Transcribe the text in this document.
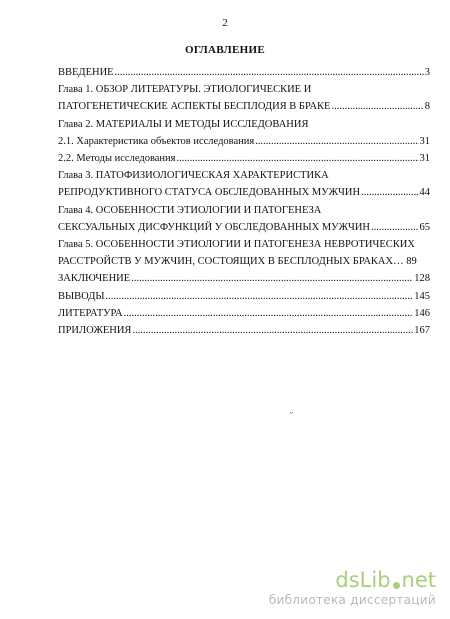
2
ОГЛАВЛЕНИЕ
ВВЕДЕНИЕ .....	3
Глава 1. ОБЗОР ЛИТЕРАТУРЫ. ЭТИОЛОГИЧЕСКИЕ И
ПАТОГЕНЕТИЧЕСКИЕ АСПЕКТЫ БЕСПЛОДИЯ В БРАКЕ .....	8
Глава 2. МАТЕРИАЛЫ И МЕТОДЫ ИССЛЕДОВАНИЯ
2.1. Характеристика объектов исследования .....	31
2.2. Методы исследования .....	31
Глава 3. ПАТОФИЗИОЛОГИЧЕСКАЯ ХАРАКТЕРИСТИКА
РЕПРОДУКТИВНОГО СТАТУСА ОБСЛЕДОВАННЫХ МУЖЧИН .....	44
Глава 4. ОСОБЕННОСТИ ЭТИОЛОГИИ И ПАТОГЕНЕЗА
СЕКСУАЛЬНЫХ ДИСФУНКЦИЙ У ОБСЛЕДОВАННЫХ МУЖЧИН .....	65
Глава 5. ОСОБЕННОСТИ ЭТИОЛОГИИ И ПАТОГЕНЕЗА НЕВРОТИЧЕСКИХ
РАССТРОЙСТВ У МУЖЧИН, СОСТОЯЩИХ В БЕСПЛОДНЫХ БРАКАХ… 89
ЗАКЛЮЧЕНИЕ .....	128
ВЫВОДЫ .....	145
ЛИТЕРАТУРА .....	146
ПРИЛОЖЕНИЯ .....	167
ᵕ
dsLib net
библиотека диссертаций
